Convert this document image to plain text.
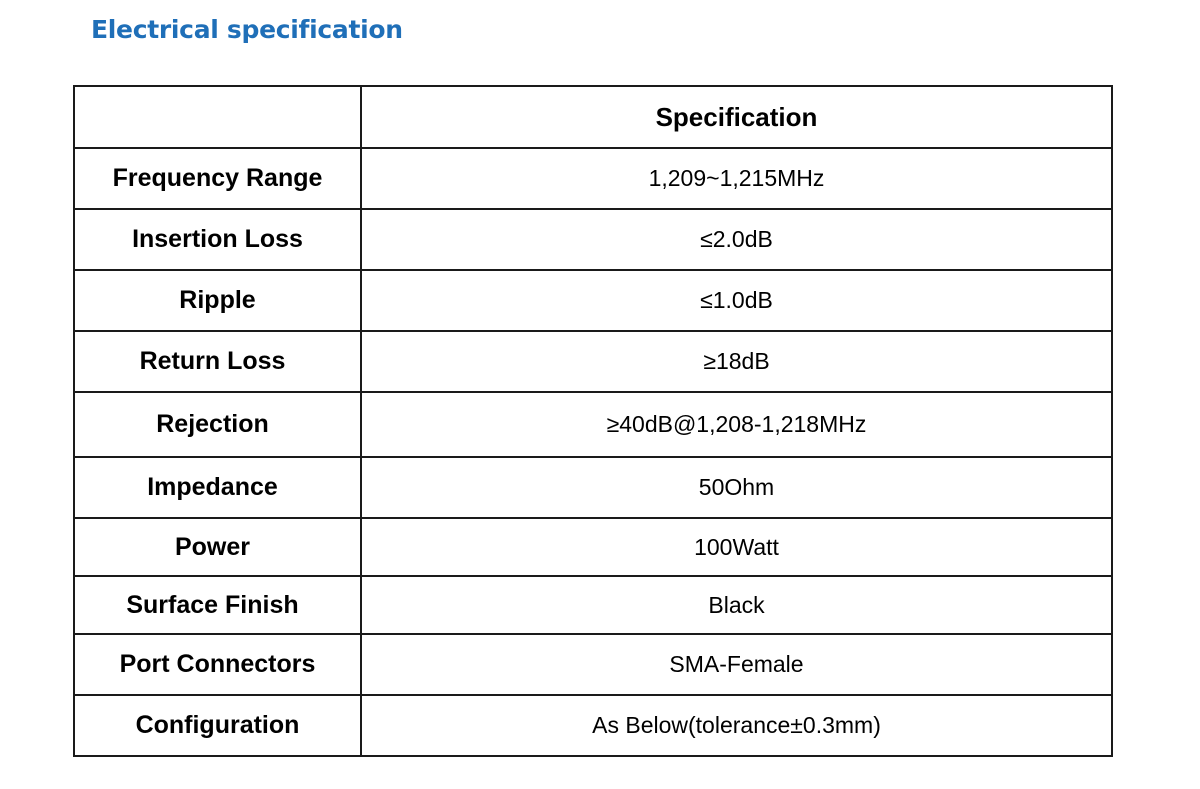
Electrical specification
	Specification
Frequency Range	1,209~1,215MHz
Insertion Loss	≤2.0dB
Ripple	≤1.0dB
Return Loss	≥18dB
Rejection	≥40dB@1,208-1,218MHz
Impedance	50Ohm
Power	100Watt
Surface Finish	Black
Port Connectors	SMA-Female
Configuration	As Below(tolerance±0.3mm)
